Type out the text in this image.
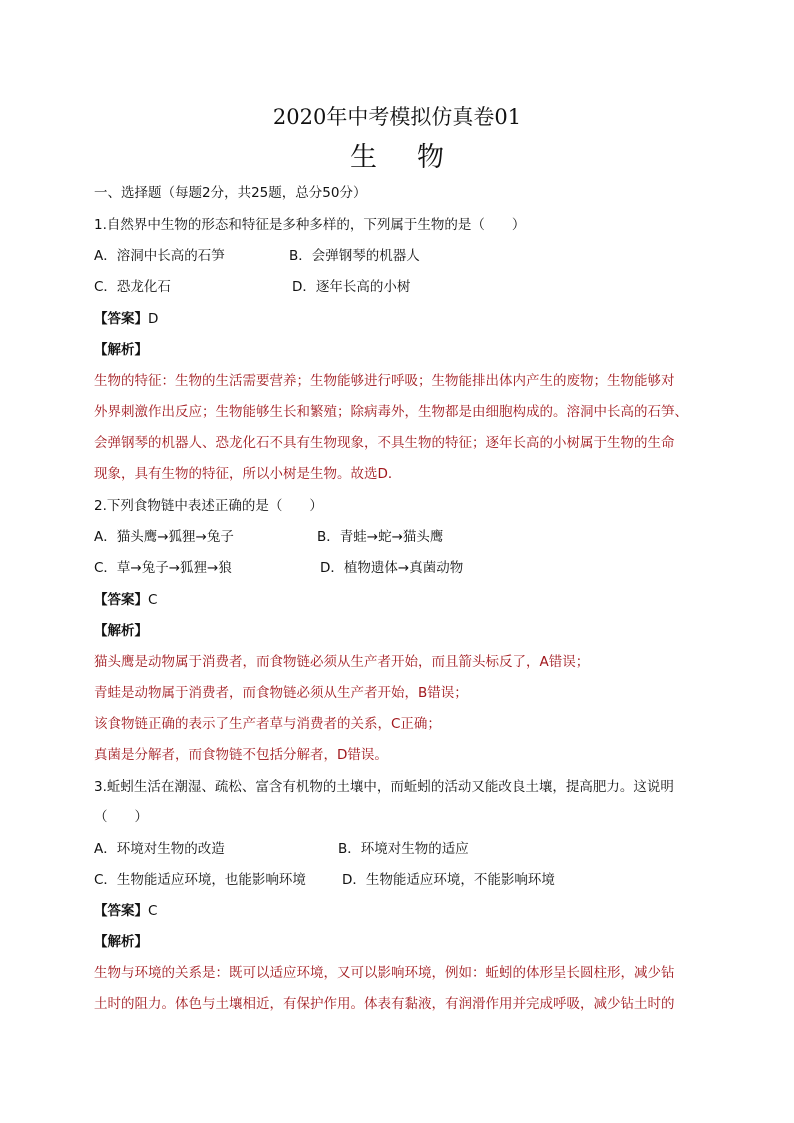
2020年中考模拟仿真卷01
生 物
一、选择题（每题2分，共25题，总分50分）
1.自然界中生物的形态和特征是多种多样的，下列属于生物的是（　　）
A．溶洞中长高的石笋	B．会弹钢琴的机器人
C．恐龙化石	D．逐年长高的小树
【答案】D
【解析】
生物的特征：生物的生活需要营养；生物能够进行呼吸；生物能排出体内产生的废物；生物能够对
外界刺激作出反应；生物能够生长和繁殖；除病毒外，生物都是由细胞构成的。溶洞中长高的石笋、
会弹钢琴的机器人、恐龙化石不具有生物现象，不具生物的特征；逐年长高的小树属于生物的生命
现象，具有生物的特征，所以小树是生物。故选D．
2.下列食物链中表述正确的是（　　）
A．猫头鹰→狐狸→兔子	B．青蛙→蛇→猫头鹰
C．草→兔子→狐狸→狼	D．植物遗体→真菌动物
【答案】C
【解析】
猫头鹰是动物属于消费者，而食物链必须从生产者开始，而且箭头标反了，A错误；
青蛙是动物属于消费者，而食物链必须从生产者开始，B错误；
该食物链正确的表示了生产者草与消费者的关系，C正确；
真菌是分解者，而食物链不包括分解者，D错误。
3.蚯蚓生活在潮湿、疏松、富含有机物的土壤中，而蚯蚓的活动又能改良土壤，提高肥力。这说明
（　　）
A．环境对生物的改造	B．环境对生物的适应
C．生物能适应环境，也能影响环境	D．生物能适应环境，不能影响环境
【答案】C
【解析】
生物与环境的关系是：既可以适应环境，又可以影响环境，例如：蚯蚓的体形呈长圆柱形，减少钻
土时的阻力。体色与土壤相近，有保护作用。体表有黏液，有润滑作用并完成呼吸，减少钻土时的
